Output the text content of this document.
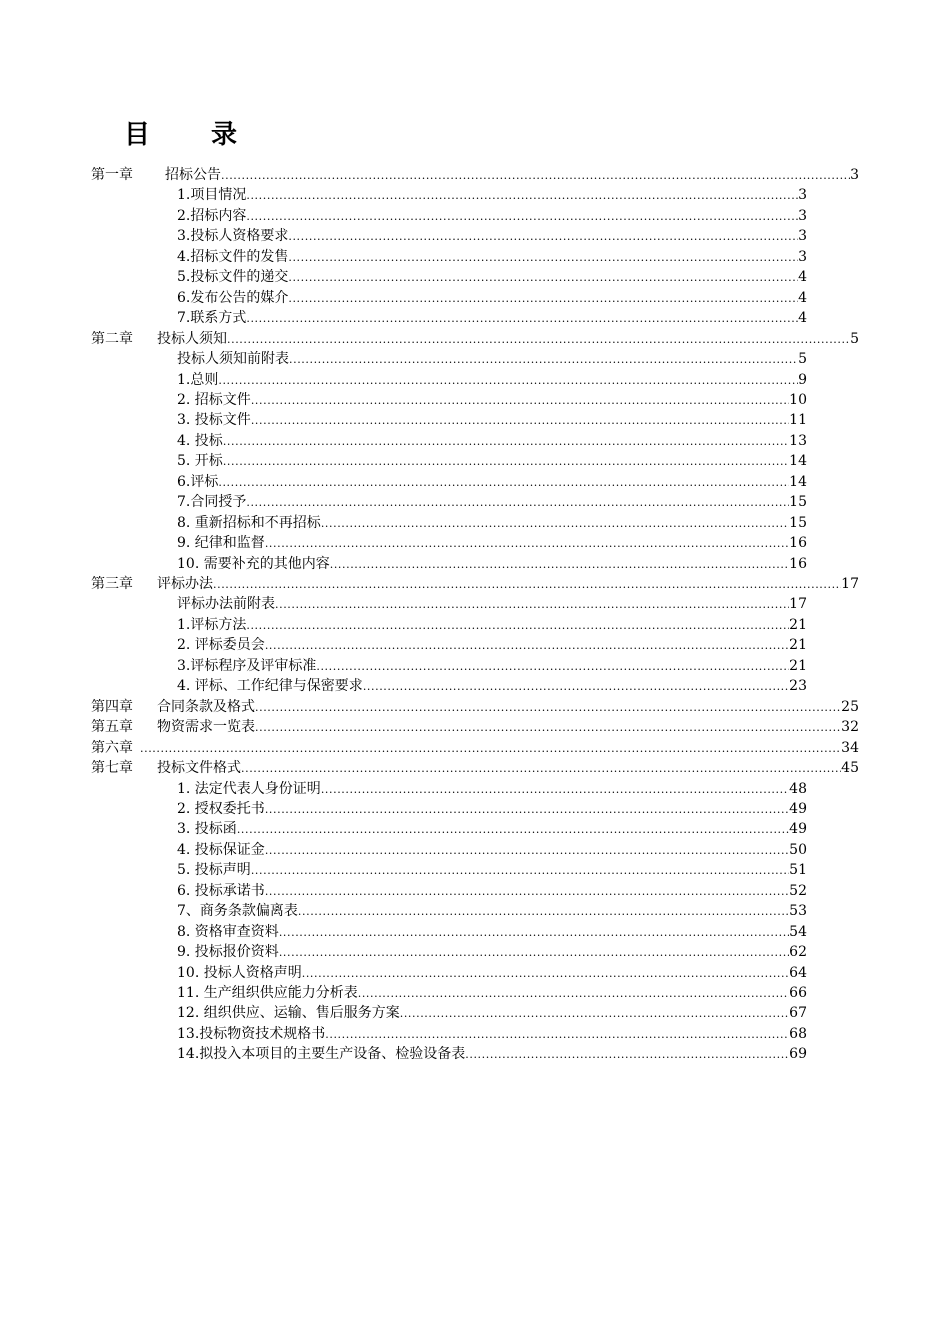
目 录
第一章	招标公告 .....	3
1.项目情况 .....	3
2.招标内容 .....	3
3.投标人资格要求 .....	3
4.招标文件的发售 .....	3
5.投标文件的递交 .....	4
6.发布公告的媒介 .....	4
7.联系方式 .....	4
第二章	投标人须知 .....	5
投标人须知前附表 .....	5
1.总则 .....	9
2. 招标文件 .....	10
3. 投标文件 .....	11
4. 投标 .....	13
5. 开标 .....	14
6.评标 .....	14
7.合同授予 .....	15
8. 重新招标和不再招标 .....	15
9. 纪律和监督 .....	16
10. 需要补充的其他内容 .....	16
第三章	评标办法 .....	17
评标办法前附表 .....	17
1.评标方法 .....	21
2. 评标委员会 .....	21
3.评标程序及评审标准 .....	21
4. 评标、工作纪律与保密要求 .....	23
第四章	合同条款及格式 .....	25
第五章	物资需求一览表 .....	32
第六章 .....	34
第七章	投标文件格式 .....	45
1. 法定代表人身份证明 .....	48
2. 授权委托书 .....	49
3. 投标函 .....	49
4. 投标保证金 .....	50
5. 投标声明 .....	51
6. 投标承诺书 .....	52
7、商务条款偏离表 .....	53
8. 资格审查资料 .....	54
9. 投标报价资料 .....	62
10. 投标人资格声明 .....	64
11. 生产组织供应能力分析表 .....	66
12. 组织供应、运输、售后服务方案 .....	67
13.投标物资技术规格书 .....	68
14.拟投入本项目的主要生产设备、检验设备表 .....	69
